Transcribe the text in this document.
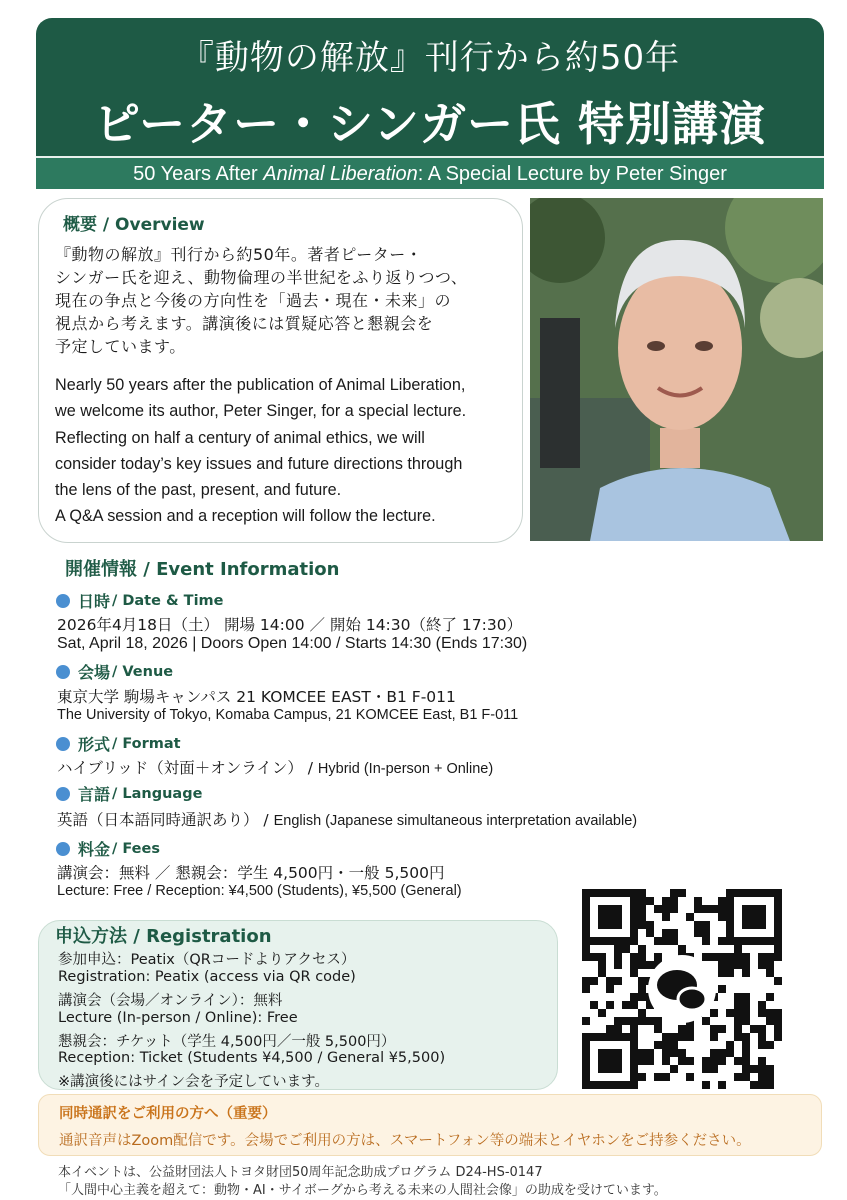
『動物の解放』刊行から約50年
ピーター・シンガー氏 特別講演
50 Years After Animal Liberation: A Special Lecture by Peter Singer
概要 / Overview
『動物の解放』刊行から約50年。著者ピーター・
シンガー氏を迎え、動物倫理の半世紀をふり返りつつ、
現在の争点と今後の方向性を「過去・現在・未来」の
視点から考えます。講演後には質疑応答と懇親会を
予定しています。
Nearly 50 years after the publication of Animal Liberation,
we welcome its author, Peter Singer, for a special lecture.
Reflecting on half a century of animal ethics, we will
consider today’s key issues and future directions through
the lens of the past, present, and future.
A Q&A session and a reception will follow the lecture.
開催情報 / Event Information
日時 / Date & Time
2026年4月18日（土） 開場 14:00 ／ 開始 14:30（終了 17:30）
Sat, April 18, 2026 | Doors Open 14:00 / Starts 14:30 (Ends 17:30)
会場 / Venue
東京大学 駒場キャンパス 21 KOMCEE EAST・B1 F-011
The University of Tokyo, Komaba Campus, 21 KOMCEE East, B1 F-011
形式 / Format
ハイブリッド（対面＋オンライン） / Hybrid (In-person + Online)
言語 / Language
英語（日本語同時通訳あり） / English (Japanese simultaneous interpretation available)
料金 / Fees
講演会：無料 ／ 懇親会：学生 4,500円・一般 5,500円
Lecture: Free / Reception: ¥4,500 (Students), ¥5,500 (General)
申込方法 / Registration
参加申込：Peatix（QRコードよりアクセス）
Registration: Peatix (access via QR code)
講演会（会場／オンライン）：無料
Lecture (In-person / Online): Free
懇親会：チケット（学生 4,500円／一般 5,500円）
Reception: Ticket (Students ¥4,500 / General ¥5,500)
※講演後にはサイン会を予定しています。
同時通訳をご利用の方へ（重要）
通訳音声はZoom配信です。会場でご利用の方は、スマートフォン等の端末とイヤホンをご持参ください。
本イベントは、公益財団法人トヨタ財団50周年記念助成プログラム D24-HS-0147
「人間中心主義を超えて：動物・AI・サイボーグから考える未来の人間社会像」の助成を受けています。
